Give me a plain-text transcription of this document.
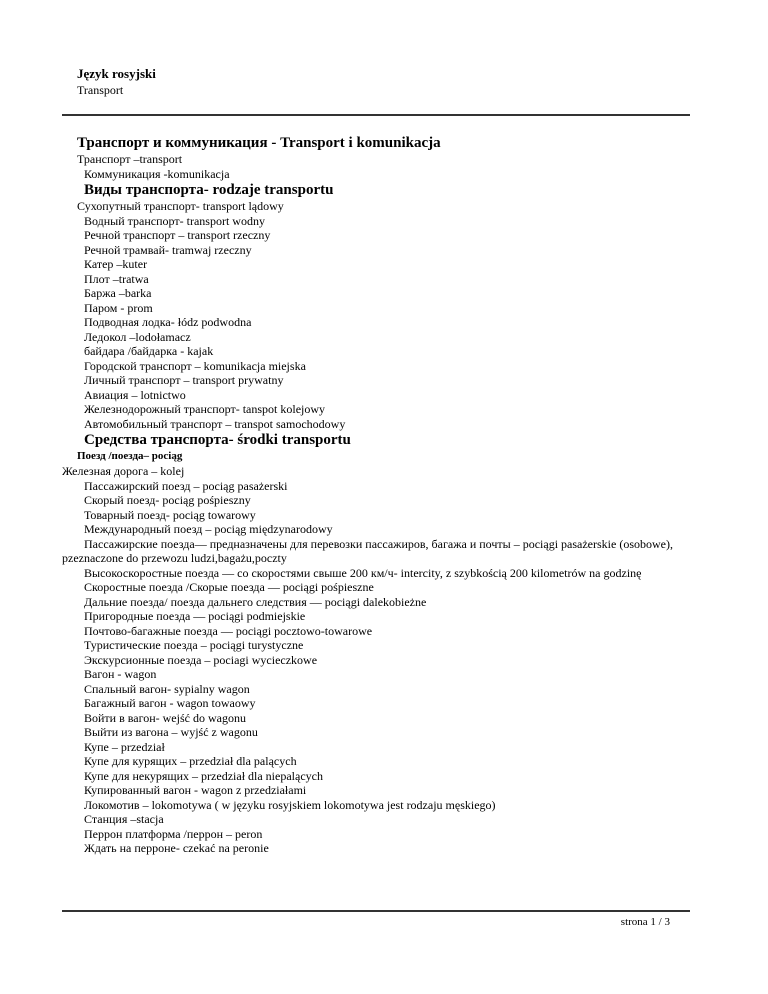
Język rosyjski
Transport
Транспорт и коммуникация - Transport i komunikacja
Транспорт –transport
Коммуникация -komunikacja
Виды транспорта- rodzaje transportu
Сухопутный транспорт- transport lądowy
Водный транспорт- transport wodny
Речной транспорт – transport rzeczny
Речной трамвай- tramwaj rzeczny
Катер –kuter
Плот –tratwa
Баржа –barka
Паром - prom
Подводная лодка- łódz podwodna
Ледокол –lodołamacz
байдара /байдарка - kajak
Городской транспорт – komunikacja miejska
Личный транспорт – transport prywatny
Авиация – lotnictwo
Железнодорожный транспорт- tanspot kolejowy
Автомобильный транспорт – transpot samochodowy
Средства транспорта- środki transportu
Поезд /поезда– pociąg
Железная дорога – kolej
Пассажирский поезд – pociąg pasażerski
Скорый поезд- pociąg pośpieszny
Товарный поезд- pociąg towarowy
Международный поезд – pociąg międzynarodowy
Пассажирские поезда— предназначены для перевозки пассажиров, багажа и почты – pociągi pasażerskie (osobowe), pzeznaczone do przewozu ludzi,bagażu,poczty
Высокоскоростные поезда — со скоростями свыше 200 км/ч- intercity, z szybkością 200 kilometrów na godzinę
Скоростные поезда /Скорые поезда — pociągi pośpieszne
Дальние поезда/ поезда дальнего следствия — pociągi dalekobieżne
Пригородные поезда — pociągi podmiejskie
Почтово-багажные поезда — pociągi pocztowo-towarowe
Туристические поезда – pociągi turystyczne
Экскурсионные поезда – pociagi wycieczkowe
Вагон - wagon
Спальный вагон- sypialny wagon
Багажный вагон - wagon towaowy
Войти в вагон- wejść do wagonu
Выйти из вагона – wyjść z wagonu
Купе – przedział
Купе для курящих – przedział dla palących
Купе для некурящих – przedział dla niepalących
Купированный вагон - wagon z przedziałami
Локомотив – lokomotywa ( w języku rosyjskiem lokomotywa jest rodzaju męskiego)
Станция –stacja
Перрон платформа /перрон – peron
Ждать на перроне- czekać na peronie
strona 1 / 3
